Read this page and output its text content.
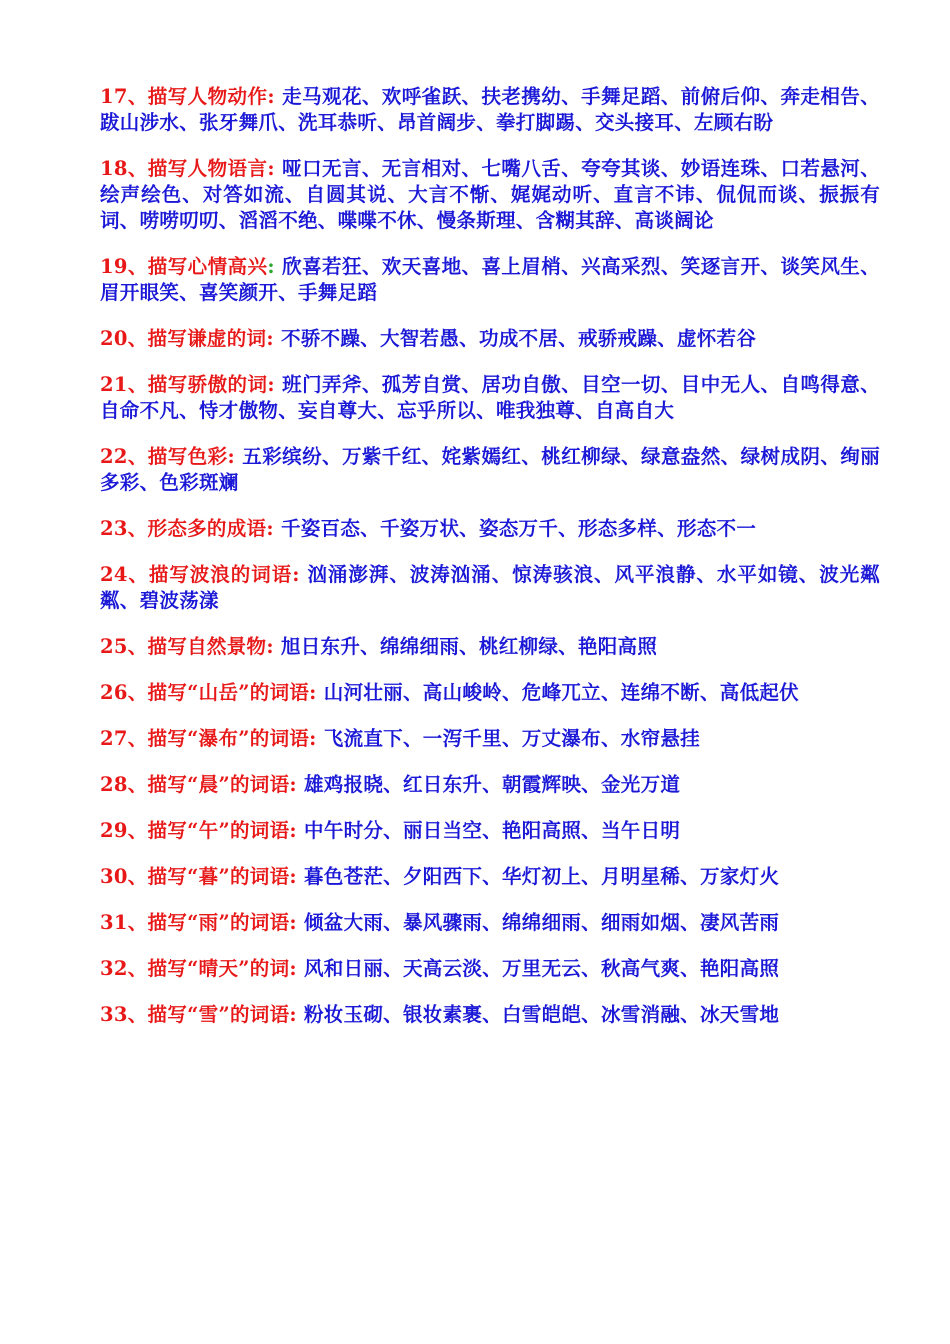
17、描写人物动作: 走马观花、欢呼雀跃、扶老携幼、手舞足蹈、前俯后仰、奔走相告、跋山涉水、张牙舞爪、洗耳恭听、昂首阔步、拳打脚踢、交头接耳、左顾右盼

18、描写人物语言: 哑口无言、无言相对、七嘴八舌、夸夸其谈、妙语连珠、口若悬河、绘声绘色、对答如流、自圆其说、大言不惭、娓娓动听、直言不讳、侃侃而谈、振振有词、唠唠叨叨、滔滔不绝、喋喋不休、慢条斯理、含糊其辞、高谈阔论

19、描写心情高兴: 欣喜若狂、欢天喜地、喜上眉梢、兴高采烈、笑逐言开、谈笑风生、眉开眼笑、喜笑颜开、手舞足蹈

20、描写谦虚的词: 不骄不躁、大智若愚、功成不居、戒骄戒躁、虚怀若谷

21、描写骄傲的词: 班门弄斧、孤芳自赏、居功自傲、目空一切、目中无人、自鸣得意、自命不凡、恃才傲物、妄自尊大、忘乎所以、唯我独尊、自高自大

22、描写色彩: 五彩缤纷、万紫千红、姹紫嫣红、桃红柳绿、绿意盎然、绿树成阴、绚丽多彩、色彩斑斓

23、形态多的成语: 千姿百态、千姿万状、姿态万千、形态多样、形态不一

24、描写波浪的词语: 汹涌澎湃、波涛汹涌、惊涛骇浪、风平浪静、水平如镜、波光粼粼、碧波荡漾

25、描写自然景物: 旭日东升、绵绵细雨、桃红柳绿、艳阳高照

26、描写“山岳”的词语: 山河壮丽、高山峻岭、危峰兀立、连绵不断、高低起伏

27、描写“瀑布”的词语: 飞流直下、一泻千里、万丈瀑布、水帘悬挂

28、描写“晨”的词语: 雄鸡报晓、红日东升、朝霞辉映、金光万道

29、描写“午”的词语: 中午时分、丽日当空、艳阳高照、当午日明

30、描写“暮”的词语: 暮色苍茫、夕阳西下、华灯初上、月明星稀、万家灯火

31、描写“雨”的词语: 倾盆大雨、暴风骤雨、绵绵细雨、细雨如烟、凄风苦雨

32、描写“晴天”的词: 风和日丽、天高云淡、万里无云、秋高气爽、艳阳高照

33、描写“雪”的词语: 粉妆玉砌、银妆素裹、白雪皑皑、冰雪消融、冰天雪地
